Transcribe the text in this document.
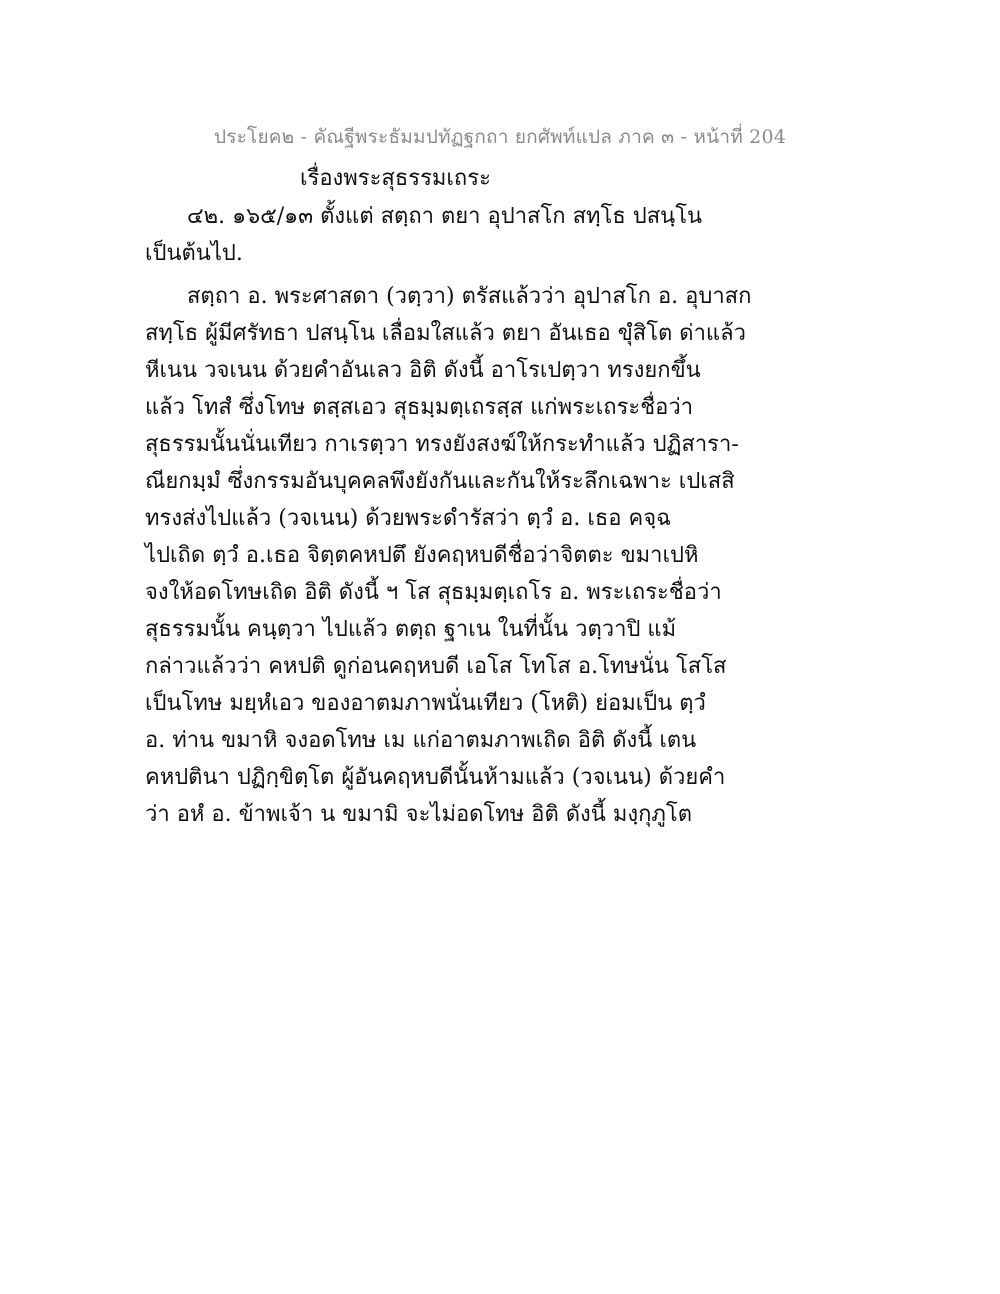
ประโยค๒ - คัณฐีพระธัมมปทัฏฐกถา ยกศัพท์แปล ภาค ๓ - หน้าที่ 204
เรื่องพระสุธรรมเถระ
๔๒. ๑๖๕/๑๓ ตั้งแต่ สตฺถา ตยา อุปาสโก สทฺโธ ปสนฺโน
เป็นต้นไป.
สตฺถา อ. พระศาสดา (วตฺวา) ตรัสแล้วว่า อุปาสโก อ. อุบาสก
สทฺโธ ผู้มีศรัทธา ปสนฺโน เลื่อมใสแล้ว ตยา อันเธอ ขุํสิโต ด่าแล้ว
หีเนน วจเนน ด้วยคำอันเลว อิติ ดังนี้ อาโรเปตฺวา ทรงยกขึ้น
แล้ว โทสํ ซึ่งโทษ ตสฺสเอว สุธมฺมตฺเถรสฺส แก่พระเถระชื่อว่า
สุธรรมนั้นนั่นเทียว กาเรตฺวา ทรงยังสงฆ์ให้กระทำแล้ว ปฏิสารา-
ณียกมฺมํ ซึ่งกรรมอันบุคคลพึงยังกันและกันให้ระลึกเฉพาะ เปเสสิ
ทรงส่งไปแล้ว (วจเนน) ด้วยพระดำรัสว่า ตฺวํ อ. เธอ คจฺฉ
ไปเถิด ตฺวํ อ.เธอ จิตฺตคหปตึ ยังคฤหบดีชื่อว่าจิตตะ ขมาเปหิ
จงให้อดโทษเถิด อิติ ดังนี้ ฯ โส สุธมฺมตฺเถโร อ. พระเถระชื่อว่า
สุธรรมนั้น คนฺตฺวา ไปแล้ว ตตฺถ ฐาเน ในที่นั้น วตฺวาปิ แม้
กล่าวแล้วว่า คหปติ ดูก่อนคฤหบดี เอโส โทโส อ.โทษนั่น โสโส
เป็นโทษ มยฺหํเอว ของอาตมภาพนั่นเทียว (โหติ) ย่อมเป็น ตฺวํ
อ. ท่าน ขมาหิ จงอดโทษ เม แก่อาตมภาพเถิด อิติ ดังนี้ เตน
คหปตินา ปฏิกฺขิตฺโต ผู้อันคฤหบดีนั้นห้ามแล้ว (วจเนน) ด้วยคำ
ว่า อหํ อ. ข้าพเจ้า น ขมามิ จะไม่อดโทษ อิติ ดังนี้ มงฺกุภูโต
